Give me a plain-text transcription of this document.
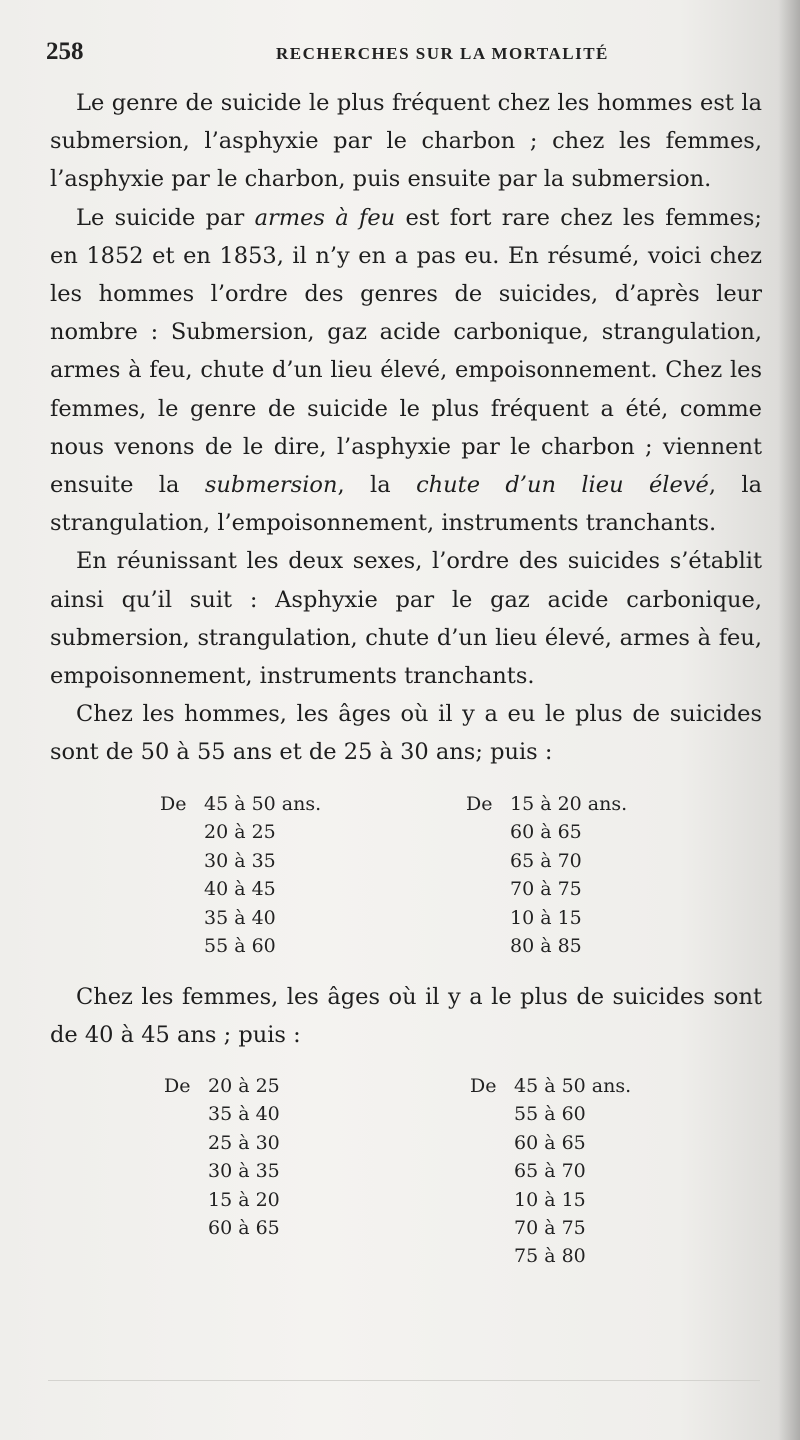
258	RECHERCHES SUR LA MORTALITÉ

Le genre de suicide le plus fréquent chez les hommes est la submersion, l’asphyxie par le charbon ; chez les femmes, l’asphyxie par le charbon, puis ensuite par la submersion.

Le suicide par armes à feu est fort rare chez les femmes; en 1852 et en 1853, il n’y en a pas eu. En résumé, voici chez les hommes l’ordre des genres de suicides, d’après leur nombre : Submersion, gaz acide carbonique, strangulation, armes à feu, chute d’un lieu élevé, empoisonnement. Chez les femmes, le genre de suicide le plus fréquent a été, comme nous venons de le dire, l’asphyxie par le charbon ; viennent ensuite la submersion, la chute d’un lieu élevé, la strangulation, l’empoisonnement, instruments tranchants.

En réunissant les deux sexes, l’ordre des suicides s’établit ainsi qu’il suit : Asphyxie par le gaz acide carbonique, submersion, strangulation, chute d’un lieu élevé, armes à feu, empoisonnement, instruments tranchants.

Chez les hommes, les âges où il y a eu le plus de suicides sont de 50 à 55 ans et de 25 à 30 ans; puis :

De 45 à 50 ans.
20 à 25
30 à 35
40 à 45
35 à 40
55 à 60
De 15 à 20 ans.
60 à 65
65 à 70
70 à 75
10 à 15
80 à 85

Chez les femmes, les âges où il y a le plus de suicides sont de 40 à 45 ans ; puis :

De 20 à 25
35 à 40
25 à 30
30 à 35
15 à 20
60 à 65
De 45 à 50 ans.
55 à 60
60 à 65
65 à 70
10 à 15
70 à 75
75 à 80
